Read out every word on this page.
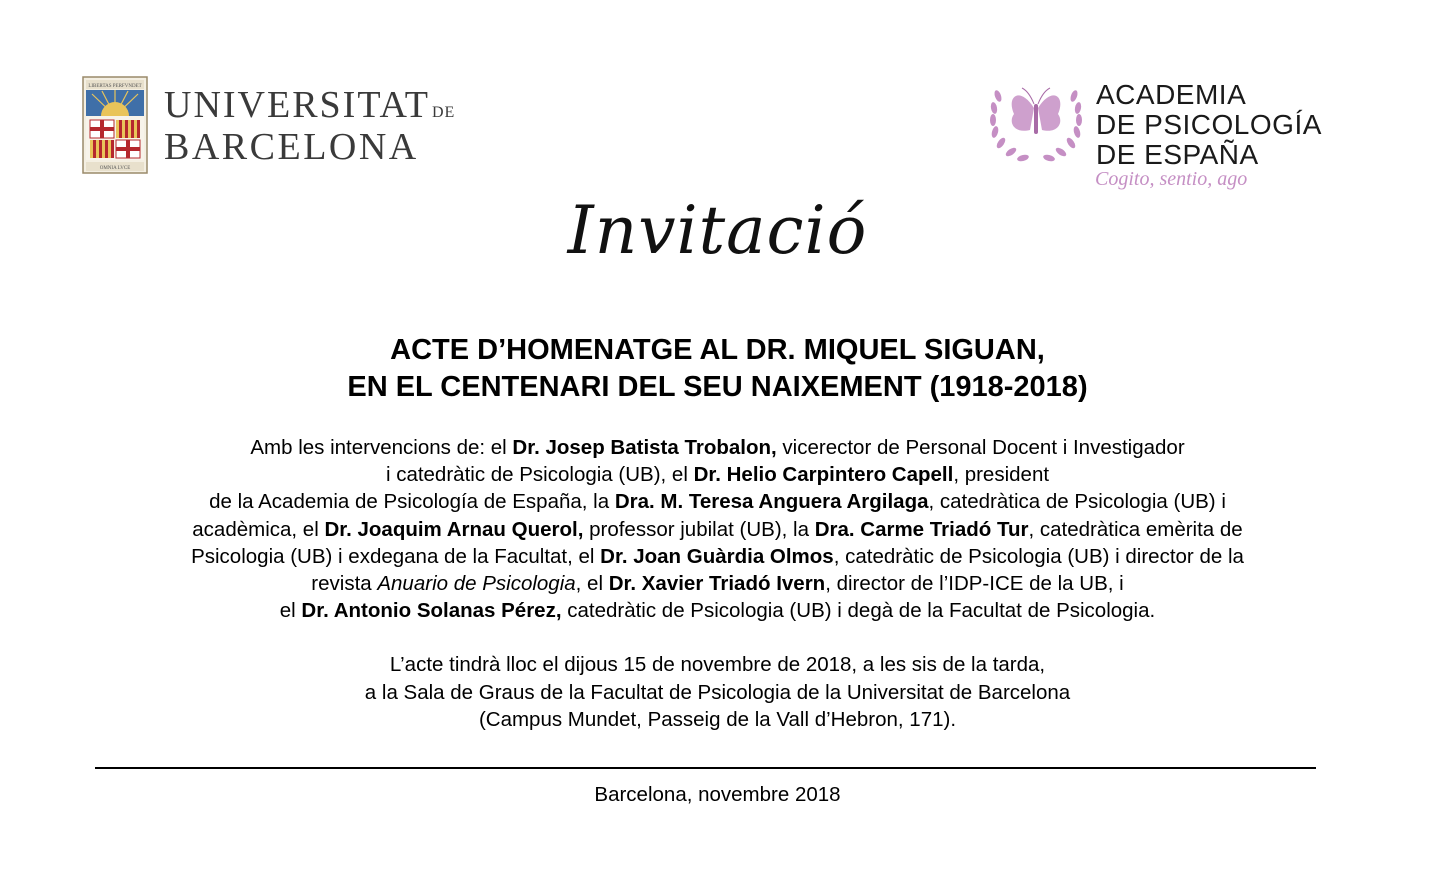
LIBERTAS PERFVNDET
OMNIA LVCE
UNIVERSITAT DE
BARCELONA
ACADEMIA
DE PSICOLOGÍA
DE ESPAÑA
Cogito, sentio, ago
Invitació
ACTE D’HOMENATGE AL DR. MIQUEL SIGUAN,
EN EL CENTENARI DEL SEU NAIXEMENT (1918-2018)
Amb les intervencions de: el Dr. Josep Batista Trobalon, vicerector de Personal Docent i Investigador
i catedràtic de Psicologia (UB), el Dr. Helio Carpintero Capell, president
de la Academia de Psicología de España, la Dra. M. Teresa Anguera Argilaga, catedràtica de Psicologia (UB) i
acadèmica, el Dr. Joaquim Arnau Querol, professor jubilat (UB), la Dra. Carme Triadó Tur, catedràtica emèrita de
Psicologia (UB) i exdegana de la Facultat, el Dr. Joan Guàrdia Olmos, catedràtic de Psicologia (UB) i director de la
revista Anuario de Psicologia, el Dr. Xavier Triadó Ivern, director de l’IDP-ICE de la UB, i
el Dr. Antonio Solanas Pérez, catedràtic de Psicologia (UB) i degà de la Facultat de Psicologia.
L’acte tindrà lloc el dijous 15 de novembre de 2018, a les sis de la tarda,
a la Sala de Graus de la Facultat de Psicologia de la Universitat de Barcelona
(Campus Mundet, Passeig de la Vall d’Hebron, 171).
Barcelona, novembre 2018
